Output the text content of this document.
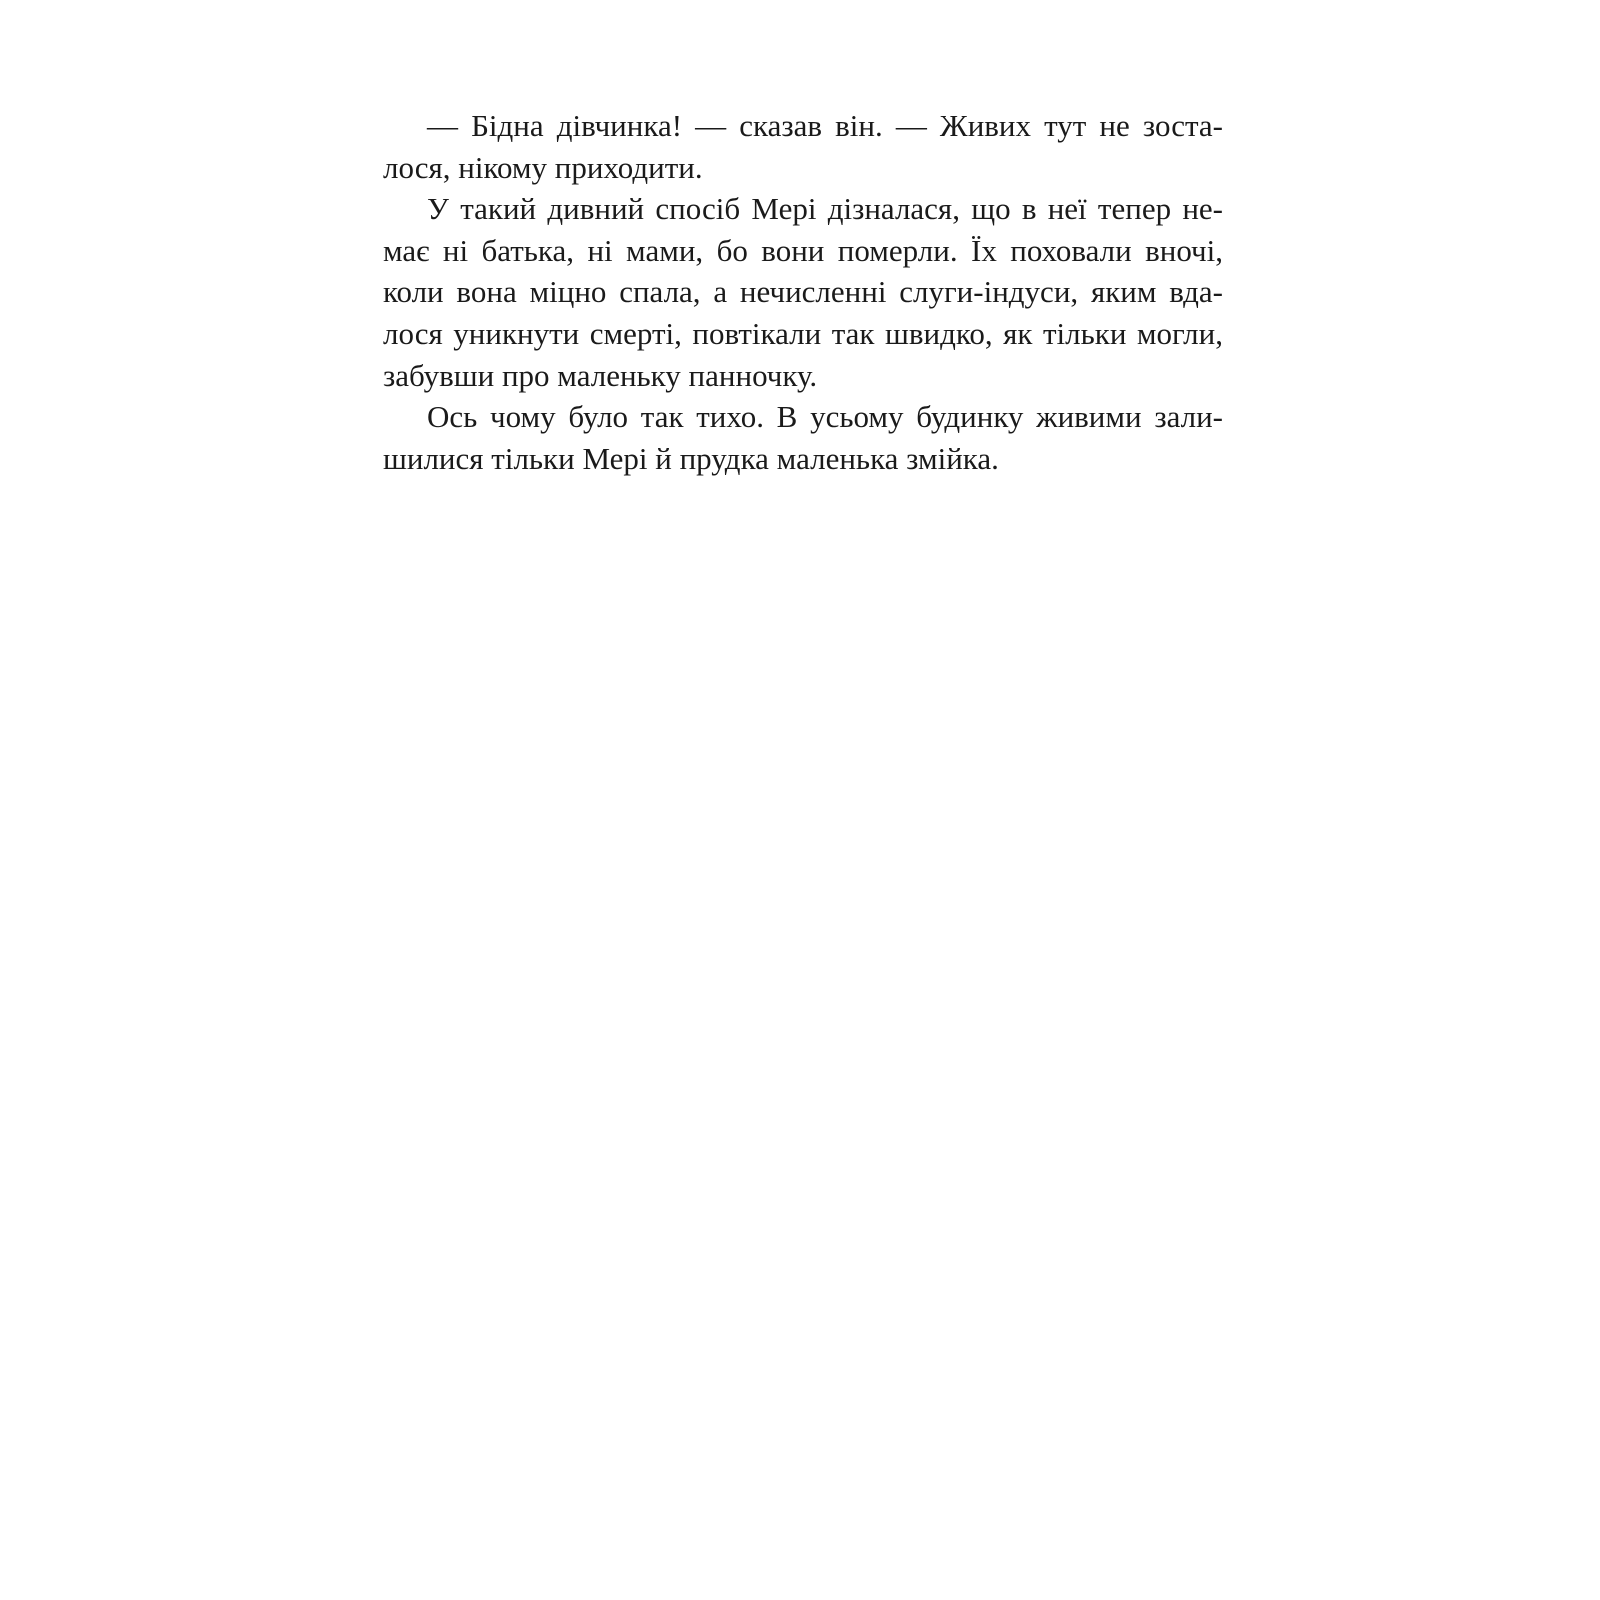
— Бідна дівчинка! — сказав він. — Живих тут не зоста-
лося, нікому приходити.
У такий дивний спосіб Мері дізналася, що в неї тепер не-
має ні батька, ні мами, бо вони померли. Їх поховали вночі,
коли вона міцно спала, а нечисленні слуги-індуси, яким вда-
лося уникнути смерті, повтікали так швидко, як тільки могли,
забувши про маленьку панночку.
Ось чому було так тихо. В усьому будинку живими зали-
шилися тільки Мері й прудка маленька змійка.
